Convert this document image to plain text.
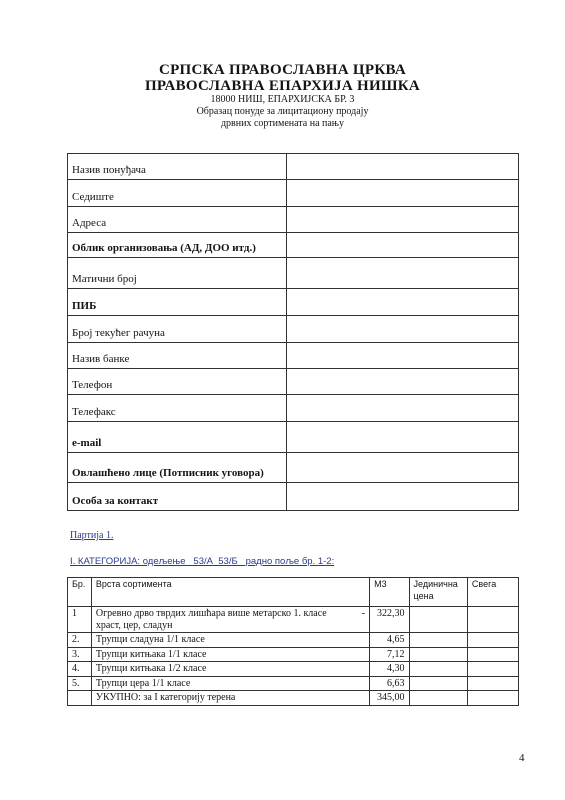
СРПСКА ПРАВОСЛАВНА ЦРКВА
ПРАВОСЛАВНА ЕПАРХИЈА НИШКА
18000 НИШ, ЕПАРХИЈСКА БР. 3
Образац понуде за лицитациону продају
дрвних сортимената на пању
Назив понуђача	
Седиште	
Адреса	
Облик организовања (АД, ДОО итд.)	
Матични број	
ПИБ	
Број текућег рачуна	
Назив банке	
Телефон	
Телефакс	
e-mail	
Овлашћено лице (Потписник уговора)	
Особа за контакт	
Партија 1.
I. КАТЕГОРИЈА: одељење   53/А  53/Б   радно поље бр. 1-2:
Бр.	Врста сортимента	М3	Јединична цена	Свега
1	Огревно дрво тврдих лишћара више метарско 1. класе              -
храст, цер, сладун	322,30		
2.	Трупци сладуна 1/1 класе	4,65		
3.	Трупци китњака 1/1 класе	7,12		
4.	Трупци китњака 1/2 класе	4,30		
5.	Трупци цера 1/1 класе	6,63		
	УКУПНО: за I категорију терена	345,00		
4
